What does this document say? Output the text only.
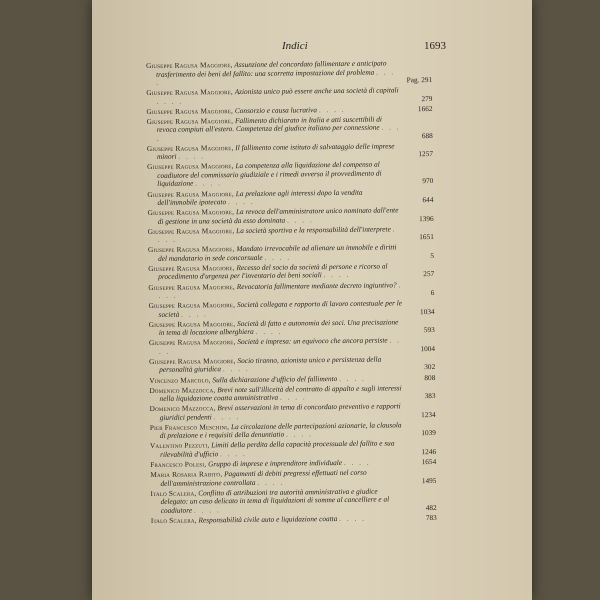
Indici	1693
Giuseppe Ragusa Maggiore, Assunzione del concordato fallimentare e anticipato trasferimento dei beni del fallito: una scorretta impostazione del problema . . . .	Pag. 291
Giuseppe Ragusa Maggiore, Azionista unico può essere anche una società di capitali . . . .	279
Giuseppe Ragusa Maggiore, Consorzio e causa lucrativa . . . .	1662
Giuseppe Ragusa Maggiore, Fallimento dichiarato in Italia e atti suscettibili di revoca compiuti all'estero. Competenza del giudice italiano per connessione . . . .	688
Giuseppe Ragusa Maggiore, Il fallimento come istituto di salvataggio delle imprese minori . . . .	1257
Giuseppe Ragusa Maggiore, La competenza alla liquidazione del compenso al coadiutore del commissario giudiziale e i rimedi avverso il provvedimento di liquidazione . . . .	970
Giuseppe Ragusa Maggiore, La prelazione agli interessi dopo la vendita dell'immobile ipotecato . . . .	644
Giuseppe Ragusa Maggiore, La revoca dell'amministratore unico nominato dall'ente di gestione in una società da esso dominata . . . .	1396
Giuseppe Ragusa Maggiore, La società sportiva e la responsabilità dell'interprete . . . .	1651
Giuseppe Ragusa Maggiore, Mandato irrevocabile ad alienare un immobile e diritti del mandatario in sede concorsuale . . . .	5
Giuseppe Ragusa Maggiore, Recesso del socio da società di persone e ricorso al procedimento d'urgenza per l'inventario dei beni sociali . . . .	257
Giuseppe Ragusa Maggiore, Revocatoria fallimentare mediante decreto ingiuntivo? . . . .	6
Giuseppe Ragusa Maggiore, Società collegata e rapporto di lavoro contestuale per le società . . . .	1034
Giuseppe Ragusa Maggiore, Società di fatto e autonomia dei soci. Una precisazione in tema di locazione alberghiera . . . .	593
Giuseppe Ragusa Maggiore, Società e impresa: un equivoco che ancora persiste . . . .	1004
Giuseppe Ragusa Maggiore, Socio tiranno, azionista unico e persistenza della personalità giuridica . . . .	302
Vincenzo Marcolo, Sulla dichiarazione d'ufficio del fallimento . . . .	808
Domenico Mazzocca, Brevi note sull'illiceità del contratto di appalto e sugli interessi nella liquidazione coatta amministrativa . . . .	383
Domenico Mazzocca, Brevi osservazioni in tema di concordato preventivo e rapporti giuridici pendenti . . . .	1234
Pier Francesco Meschini, La circolazione delle partecipazioni azionarie, la clausola di prelazione e i requisiti della denuntiatio . . . .	1039
Valentino Pezzuti, Limiti della perdita della capacità processuale del fallito e sua rilevabilità d'ufficio . . . .	1246
Francesco Polesi, Gruppo di imprese e imprenditore individuale . . . .	1654
Maria Rosaria Rabito, Pagamenti di debiti pregressi effettuati nel corso dell'amministrazione controllata . . . .	1495
Italo Scalera, Conflitto di attribuzioni tra autorità amministrativa e giudice delegato: un caso delicato in tema di liquidazioni di somme al cancelliere e al coadiutore . . . .	482
Italo Scalera, Responsabilità civile auto e liquidazione coatta . . . .	783
